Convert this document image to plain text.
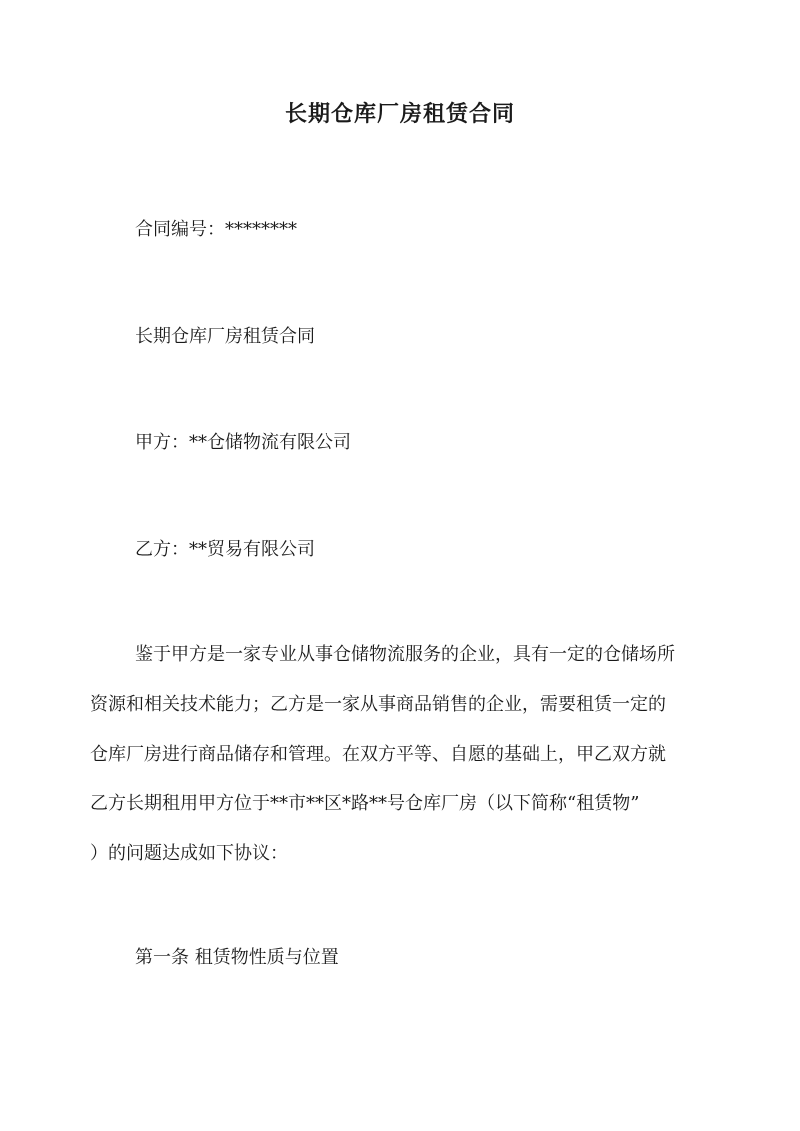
长期仓库厂房租赁合同
合同编号：********
长期仓库厂房租赁合同
甲方：**仓储物流有限公司
乙方：**贸易有限公司
鉴于甲方是一家专业从事仓储物流服务的企业，具有一定的仓储场所
资源和相关技术能力；乙方是一家从事商品销售的企业，需要租赁一定的
仓库厂房进行商品储存和管理。在双方平等、自愿的基础上，甲乙双方就
乙方长期租用甲方位于**市**区*路**号仓库厂房（以下简称“租赁物”
）的问题达成如下协议：
第一条 租赁物性质与位置
